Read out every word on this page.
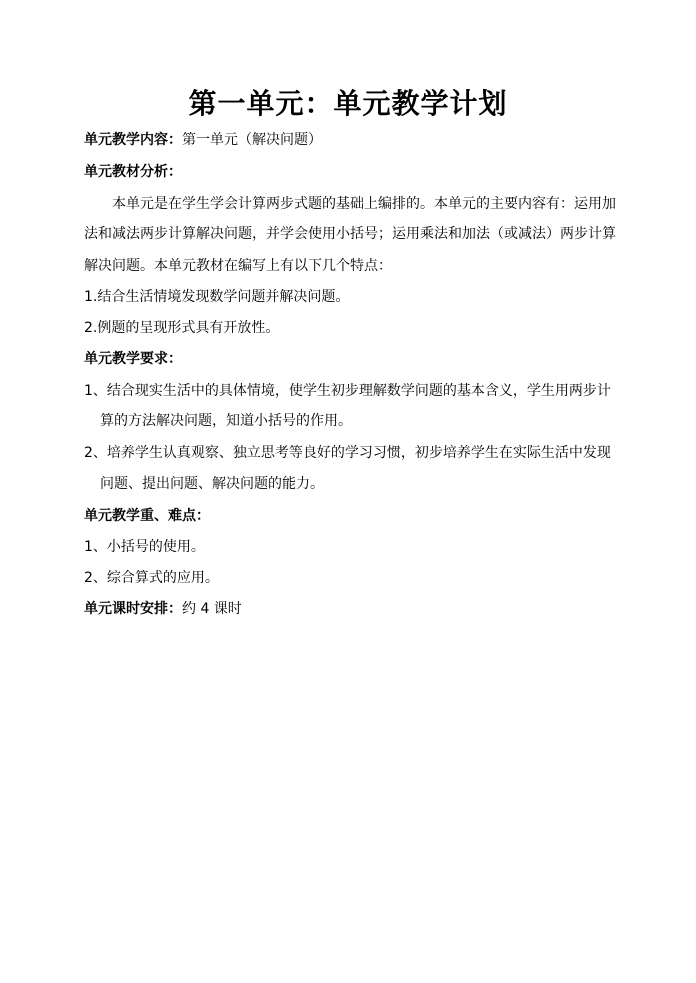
第一单元：单元教学计划
单元教学内容：第一单元（解决问题）
单元教材分析：
本单元是在学生学会计算两步式题的基础上编排的。本单元的主要内容有：运用加
法和减法两步计算解决问题，并学会使用小括号；运用乘法和加法（或减法）两步计算
解决问题。本单元教材在编写上有以下几个特点：
1.结合生活情境发现数学问题并解决问题。
2.例题的呈现形式具有开放性。
单元教学要求：
1、结合现实生活中的具体情境，使学生初步理解数学问题的基本含义，学生用两步计
算的方法解决问题，知道小括号的作用。
2、培养学生认真观察、独立思考等良好的学习习惯，初步培养学生在实际生活中发现
问题、提出问题、解决问题的能力。
单元教学重、难点：
1、小括号的使用。
2、综合算式的应用。
单元课时安排：约 4 课时
